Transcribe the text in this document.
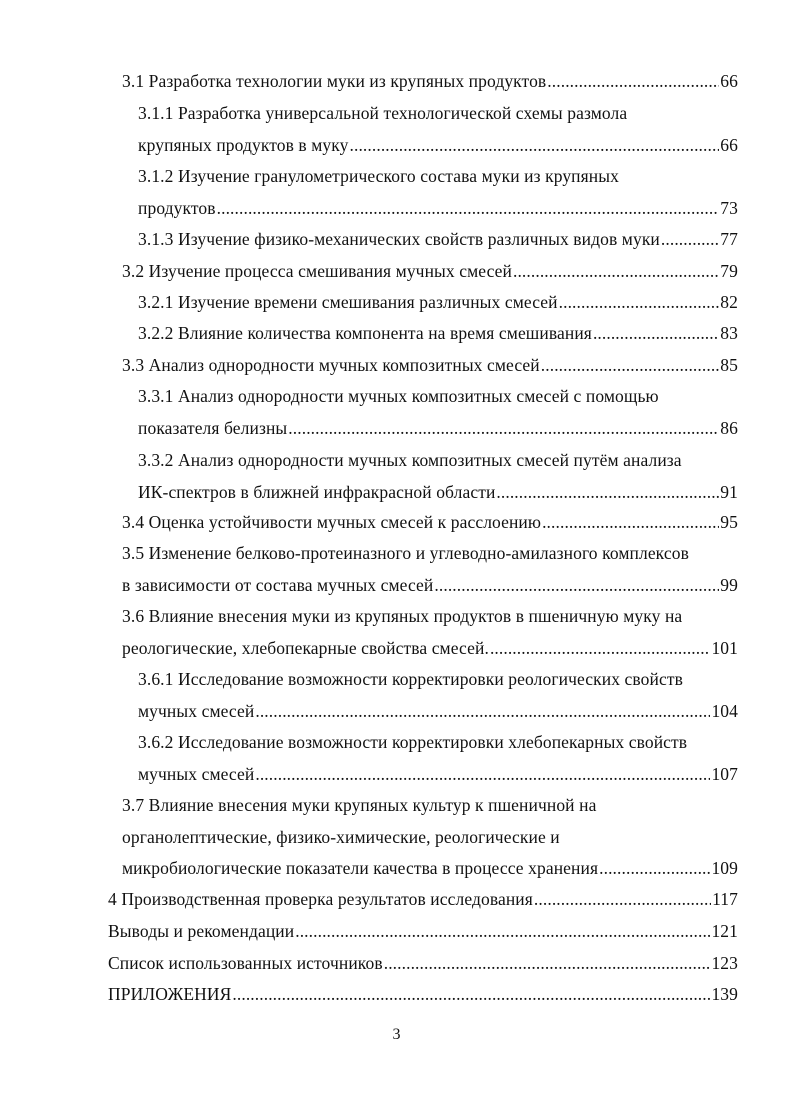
3.1 Разработка технологии муки из крупяных продуктов .....	66
3.1.1 Разработка универсальной технологической схемы размола
крупяных продуктов в муку .....	66
3.1.2 Изучение гранулометрического состава муки из крупяных
продуктов .....	73
3.1.3 Изучение физико-механических свойств различных видов муки .....	77
3.2 Изучение процесса смешивания мучных смесей .....	79
3.2.1 Изучение времени смешивания различных смесей .....	82
3.2.2 Влияние количества компонента на время смешивания .....	83
3.3 Анализ однородности мучных композитных смесей .....	85
3.3.1 Анализ однородности мучных композитных смесей с помощью
показателя белизны .....	86
3.3.2 Анализ однородности мучных композитных смесей путём анализа
ИК-спектров в ближней инфракрасной области .....	91
3.4 Оценка устойчивости мучных смесей к расслоению .....	95
3.5 Изменение белково-протеиназного и углеводно-амилазного комплексов
в зависимости от состава мучных смесей .....	99
3.6 Влияние внесения муки из крупяных продуктов в пшеничную муку на
реологические, хлебопекарные свойства смесей. .....	101
3.6.1 Исследование возможности корректировки реологических свойств
мучных смесей .....	104
3.6.2 Исследование возможности корректировки хлебопекарных свойств
мучных смесей .....	107
3.7 Влияние внесения муки крупяных культур к пшеничной на
органолептические, физико-химические, реологические и
микробиологические показатели качества в процессе хранения .....	109
4 Производственная проверка результатов исследования .....	117
Выводы и рекомендации .....	121
Список использованных источников .....	123
ПРИЛОЖЕНИЯ .....	139
3
